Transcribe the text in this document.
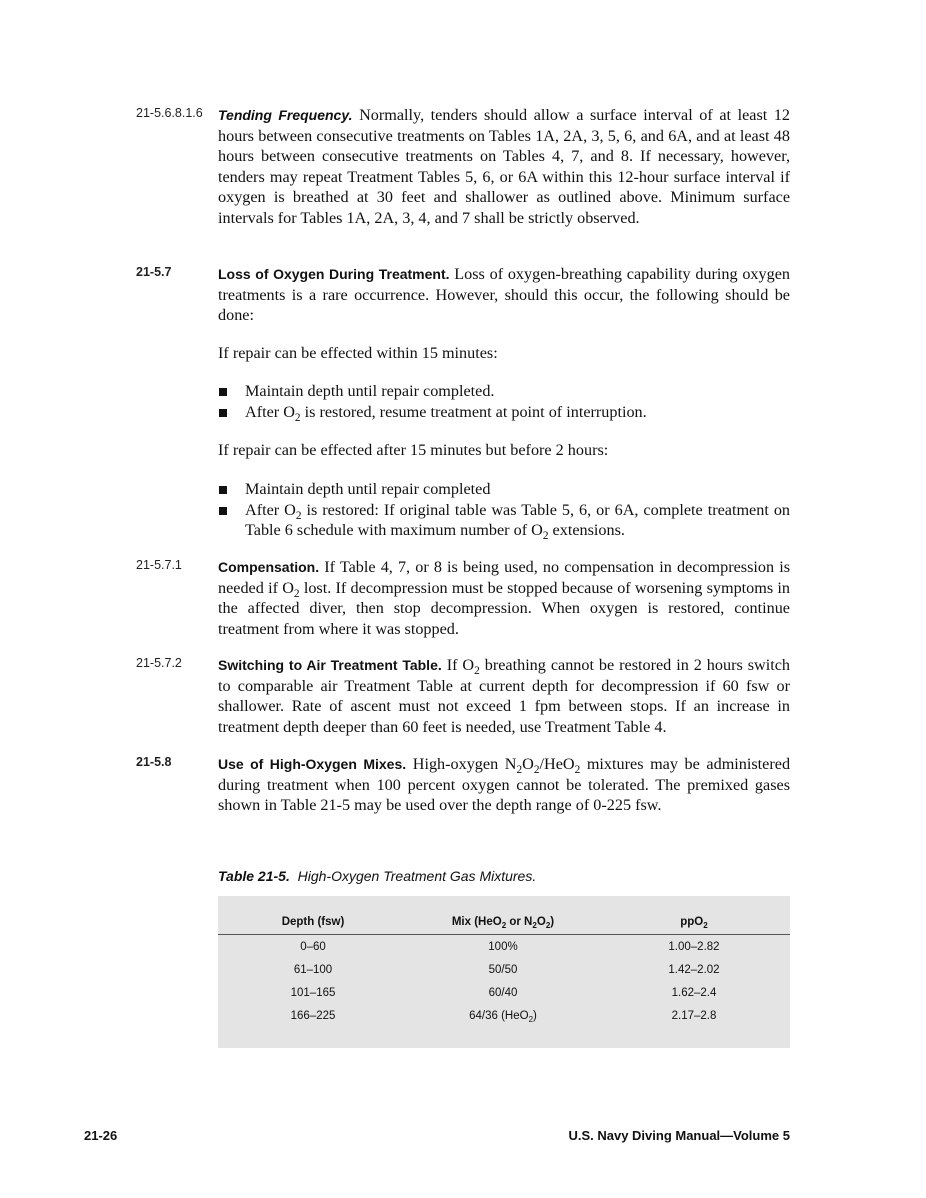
21-5.6.8.1.6 Tending Frequency. Normally, tenders should allow a surface interval of at least 12 hours between consecutive treatments on Tables 1A, 2A, 3, 5, 6, and 6A, and at least 48 hours between consecutive treatments on Tables 4, 7, and 8. If necessary, however, tenders may repeat Treatment Tables 5, 6, or 6A within this 12-hour surface interval if oxygen is breathed at 30 feet and shallower as outlined above. Minimum surface intervals for Tables 1A, 2A, 3, 4, and 7 shall be strictly observed.

21-5.7	Loss of Oxygen During Treatment. Loss of oxygen-breathing capability during oxygen treatments is a rare occurrence. However, should this occur, the following should be done:

If repair can be effected within 15 minutes:

Maintain depth until repair completed.
After $O_2$ is restored, resume treatment at point of interruption.

If repair can be effected after 15 minutes but before 2 hours:

Maintain depth until repair completed
After $O_2$ is restored: If original table was Table 5, 6, or 6A, complete treatment on Table 6 schedule with maximum number of $O_2$ extensions.
21-5.7.1	Compensation. If Table 4, 7, or 8 is being used, no compensation in decompression is needed if $O_2$ lost. If decompression must be stopped because of worsening symptoms in the affected diver, then stop decompression. When oxygen is restored, continue treatment from where it was stopped.

21-5.7.2	Switching to Air Treatment Table. If $O_2$ breathing cannot be restored in 2 hours switch to comparable air Treatment Table at current depth for decompression if 60 fsw or shallower. Rate of ascent must not exceed 1 fpm between stops. If an increase in treatment depth deeper than 60 feet is needed, use Treatment Table 4.

21-5.8	Use of High-Oxygen Mixes. High-oxygen $N_2O_2/HeO_2$ mixtures may be administered during treatment when 100 percent oxygen cannot be tolerated. The premixed gases shown in Table 21-5 may be used over the depth range of 0-225 fsw.

Table 21-5. High-Oxygen Treatment Gas Mixtures.
Depth (fsw)	Mix (HeO$_2$ or $N_2O_2$)	ppO$_2$
0–60	100%	1.00–2.82
61–100	50/50	1.42–2.02
101–165	60/40	1.62–2.4
166–225	64/36 (HeO$_2$)	2.17–2.8
21-26	U.S. Navy Diving Manual—Volume 5
